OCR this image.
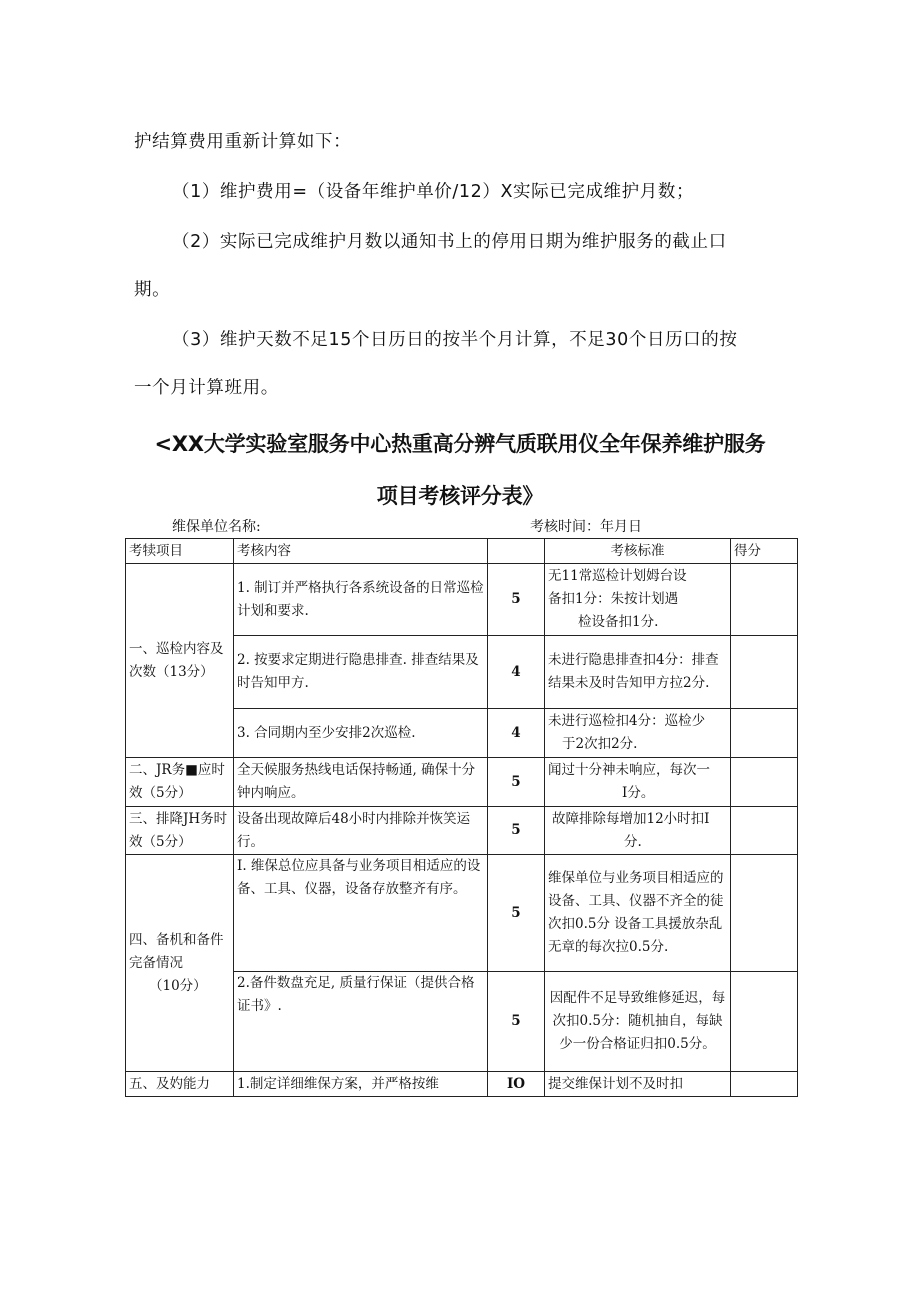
护结算费用重新计算如下：
（1）维护费用=（设备年维护单价/12）X实际已完成维护月数；
（2）实际已完成维护月数以通知书上的停用日期为维护服务的截止口
期。
（3）维护天数不足15个日历日的按半个月计算，不足30个日历口的按
一个月计算班用。
<XX大学实验室服务中心热重高分辨气质联用仪全年保养维护服务
项目考核评分表》
维保单位名称:	考核时间：年月日
考犊项目	考核内容		考核标准	得分
一、巡检内容及次数（13分）	1. 制订并严格执行各系统设备的日常巡检计划和要求.	5	无11常巡检计划姆台设
备扣1分：朱按计划遇
检设备扣1分.	

	2. 按要求定期进行隐患排查. 排查结果及时告知甲方.	4	未进行隐患排查扣4分：排查结果未及时告知甲方拉2分.	
	3. 合同期内至少安排2次巡检.	4	未进行巡检扣4分：巡检少
于2次扣2分.	

二、JR务■应时效（5分）	全天候服务热线电话保持畅通, 确保十分钟内响应。	5	闻过十分神未响应，每次一
I分。	

三、排降JH务时效（5分）	设备出现故障后48小时内排除并恢笑运行。	5	故障排除每增加12小时扣I
分.	

四、备机和备件完备情况
（10分）	I. 维保总位应具备与业务项目相适应的设备、工具、仪器，设备存放整齐有序。	5	维保单位与业务项目相适应的设备、工具、仪器不齐全的徒次扣0.5分 设备工具援放杂乱无章的每次拉0.5分.	
	2.备件数盘充足, 质量行保证（提供合格证书》.	5	因配件不足导致维修延迟，每次扣0.5分：随机抽自，每缺少一份合格证归扣0.5分。	
五、及妁能力	1.制定详细维保方案，并严格按维	IO	提交维保计划不及时扣	
